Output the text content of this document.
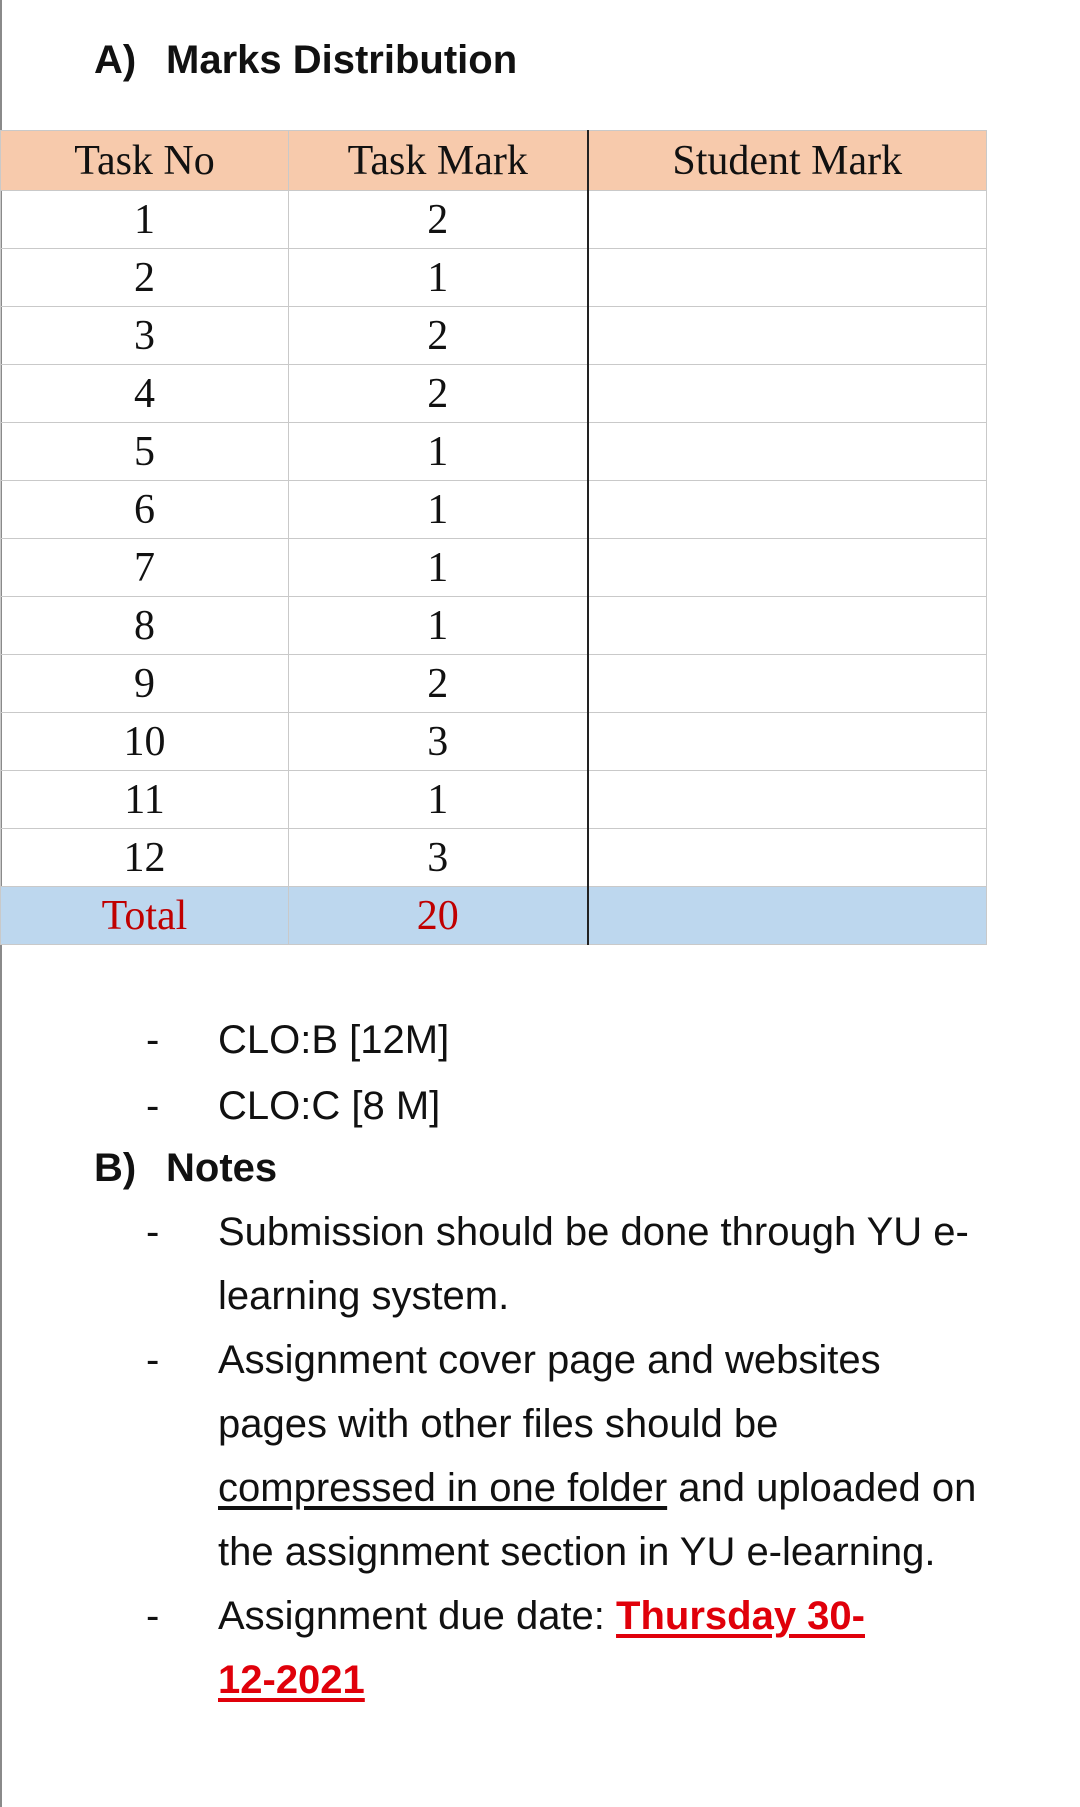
A) Marks Distribution
Task No	Task Mark	Student Mark
1	2	
2	1	
3	2	
4	2	
5	1	
6	1	
7	1	
8	1	
9	2	
10	3	
11	1	
12	3	
Total	20	
- CLO:B [12M]
- CLO:C [8 M]
B) Notes
- Submission should be done through YU e-learning system.
- Assignment cover page and websites pages with other files should be compressed in one folder and uploaded on the assignment section in YU e-learning.
- Assignment due date: Thursday 30-12-2021
